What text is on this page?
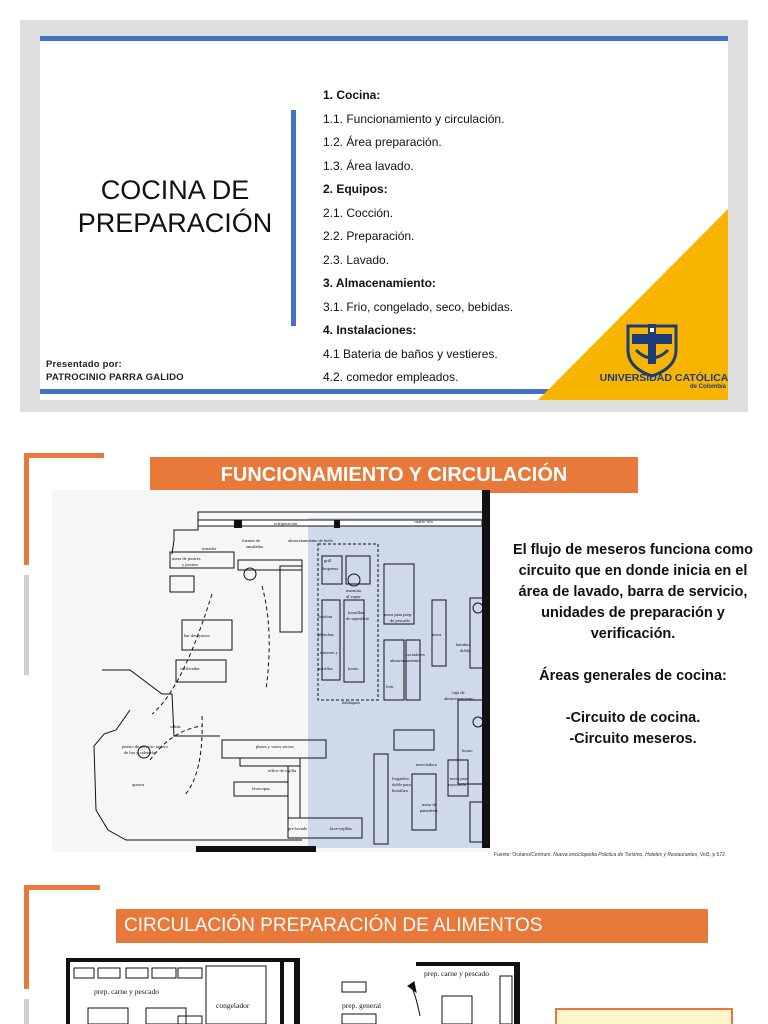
COCINA DE
PREPARACIÓN
Presentado por:
PATROCINIO PARRA GALIDO
1. Cocina:
1.1. Funcionamiento y circulación.
1.2. Área preparación.
1.3. Área lavado.
2. Equipos:
2.1. Cocción.
2.2. Preparación.
2.3. Lavado.
3. Almacenamiento:
3.1. Frio, congelado, seco, bebidas.
4. Instalaciones:
4.1 Bateria de baños y vestieres.
4.2. comedor empleados.	UNIVERSIDAD CATÓLICA
de Colombia
FUNCIONAMIENTO Y CIRCULACIÓN
refrigeración
fuentes de
ensaladas
almacenamiento de hielo
cuarto frío
tostador
mesa de postres
y postres
bar desayunos
verificador
salida
puesto de servicio tostero
de bar y cafetería
quesos
platos y vasos sucios
office de vajilla
lavacopas
pre-lavado	lava-vajillas
grill
despensa
marmita
al vapor
freidora
planchas
sartenes y
parrillas	horno
hornillas
de superficie
baldaquín
mesa para prep.
de pescado
mesa
cortadores
almacenamiento
batidora
doble
freír
caja de
almacenamiento
horno
mezcladora
fregadero
doble para
hortaliza
mesa para
repostería
mesa de
panadería

El flujo de meseros funciona como circuito que en donde inicia en el área de lavado, barra de servicio, unidades de preparación y verificación.

Áreas generales de cocina:

-Circuito de cocina.

-Circuito meseros.

Fuente: Océano/Centrum. Nueva enciclopedia Práctica de Turismo, Hoteles y Restaurantes, Vol3, p 572
CIRCULACIÓN PREPARACIÓN DE ALIMENTOS
prep. carne y pescado
congelador
prep. carne y pescado
prep. general
